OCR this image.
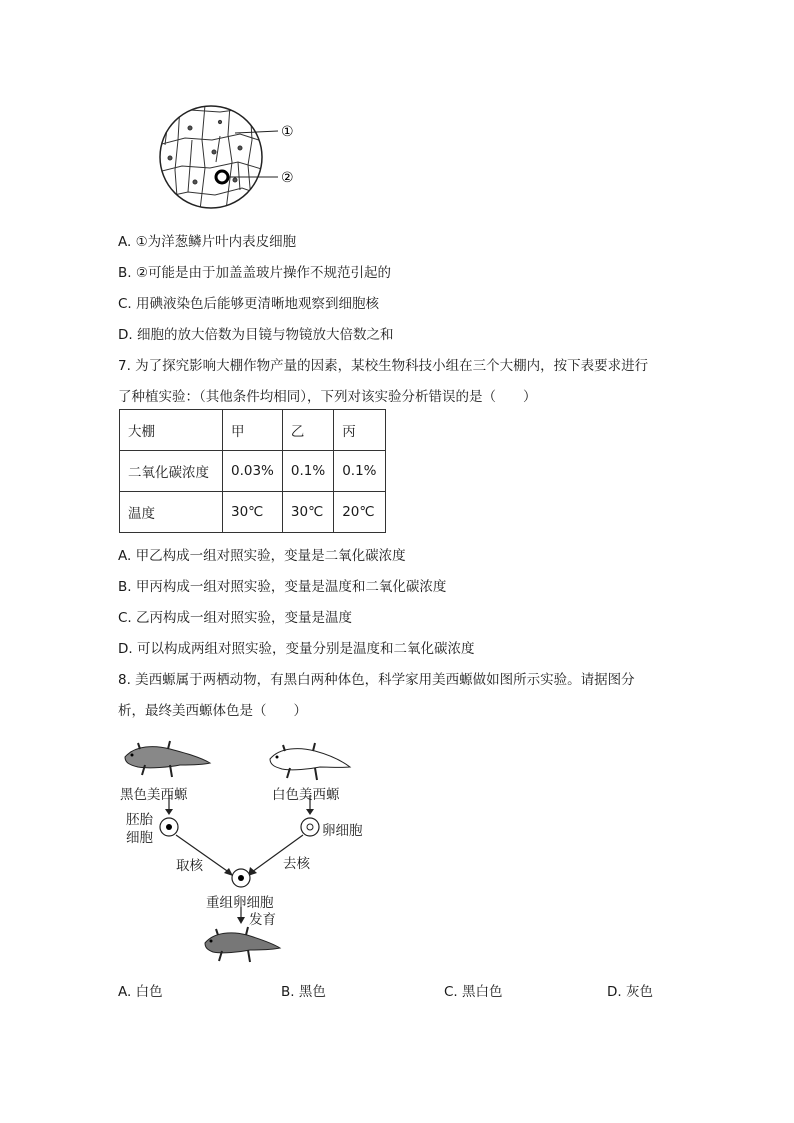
①
②
A. ①为洋葱鳞片叶内表皮细胞
B. ②可能是由于加盖盖玻片操作不规范引起的
C. 用碘液染色后能够更清晰地观察到细胞核
D. 细胞的放大倍数为目镜与物镜放大倍数之和
7. 为了探究影响大棚作物产量的因素，某校生物科技小组在三个大棚内，按下表要求进行
了种植实验：（其他条件均相同），下列对该实验分析错误的是（　　）
大棚	甲	乙	丙
二氧化碳浓度	0.03%	0.1%	0.1%
温度	30℃	30℃	20℃
A. 甲乙构成一组对照实验，变量是二氧化碳浓度
B. 甲丙构成一组对照实验，变量是温度和二氧化碳浓度
C. 乙丙构成一组对照实验，变量是温度
D. 可以构成两组对照实验，变量分别是温度和二氧化碳浓度
8. 美西螈属于两栖动物，有黑白两种体色，科学家用美西螈做如图所示实验。请据图分
析，最终美西螈体色是（　　）
黑色美西螈	白色美西螈
胚胎
细胞	卵细胞
取核	去核
重组卵细胞
发育
A. 白色	B. 黑色	C. 黑白色	D. 灰色
